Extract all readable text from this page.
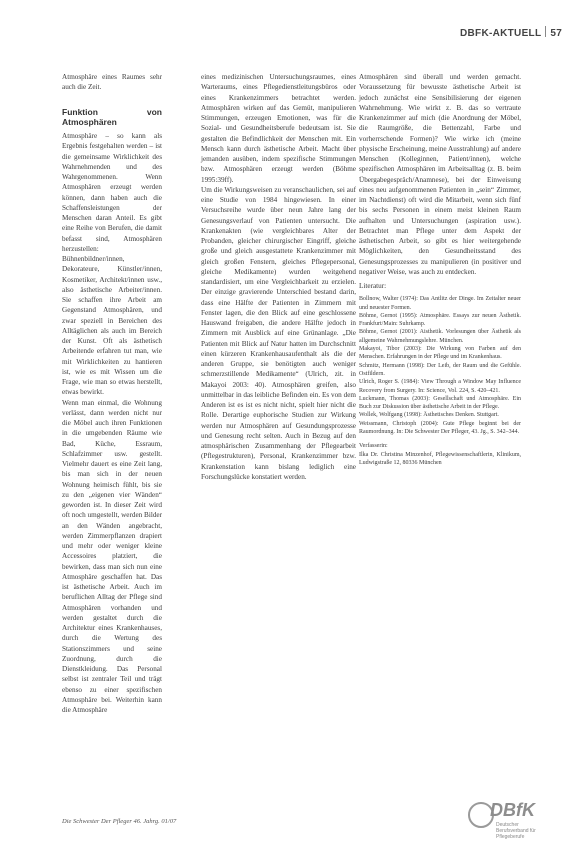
DBFK-AKTUELL 57

Atmosphäre eines Raumes sehr auch die Zeit.

Funktion von Atmosphären

Atmosphäre – so kann als Ergebnis festgehalten werden – ist die gemeinsame Wirklichkeit des Wahrnehmenden und des Wahrgenommenen. Wenn Atmosphären erzeugt werden können, dann haben auch die Schaffensleistungen der Menschen daran Anteil. Es gibt eine Reihe von Berufen, die damit befasst sind, Atmosphären herzustellen: Bühnenbildner/innen, Dekorateure, Künstler/innen, Kosmetiker, Architekt/innen usw., also ästhetische Arbeiter/innen. Sie schaffen ihre Arbeit am Gegenstand Atmosphären, und zwar speziell in Bereichen des Alltäglichen als auch im Bereich der Kunst. Oft als ästhetisch Arbeitende erfahren tut man, wie mit Wirklichkeiten zu hantieren ist, wie es mit Wissen um die Frage, wie man so etwas herstellt, etwas bewirkt.

Wenn man einmal, die Wohnung verlässt, dann werden nicht nur die Möbel auch ihren Funktionen in die umgebenden Räume wie Bad, Küche, Essraum, Schlafzimmer usw. gestellt. Vielmehr dauert es eine Zeit lang, bis man sich in der neuen Wohnung heimisch fühlt, bis sie zu den „eigenen vier Wänden“ geworden ist. In dieser Zeit wird oft noch umgestellt, werden Bilder an den Wänden angebracht, werden Zimmerpflanzen drapiert und mehr oder weniger kleine Accessoires platziert, die bewirken, dass man sich nun eine Atmosphäre geschaffen hat. Das ist ästhetische Arbeit. Auch im beruflichen Alltag der Pflege sind Atmosphären vorhanden und werden gestaltet durch die Architektur eines Krankenhauses, durch die Wertung des Stationszimmers und seine Zuordnung, durch die Dienstkleidung. Das Personal selbst ist zentraler Teil und trägt ebenso zu einer spezifischen Atmosphäre bei. Weiterhin kann die Atmosphäre

eines medizinischen Untersuchungsraumes, eines Warteraums, eines Pflegedienstleitungsbüros oder eines Krankenzimmers betrachtet werden. Atmosphären wirken auf das Gemüt, manipulieren Stimmungen, erzeugen Emotionen, was für die Sozial- und Gesundheitsberufe bedeutsam ist. Sie gestalten die Befindlichkeit der Menschen mit. Ein Mensch kann durch ästhetische Arbeit. Macht über jemanden ausüben, indem spezifische Stimmungen bzw. Atmosphären erzeugt werden (Böhme 1995:39ff).

Um die Wirkungsweisen zu veranschaulichen, sei auf eine Studie von 1984 hingewiesen. In einer Versuchsreihe wurde über neun Jahre lang der Genesungsverlauf von Patienten untersucht. Die Krankenakten (wie vergleichbares Alter der Probanden, gleicher chirurgischer Eingriff, gleiche große und gleich ausgestattete Krankenzimmer mit gleich großen Fenstern, gleiches Pflegepersonal, gleiche Medikamente) wurden weitgehend standardisiert, um eine Vergleichbarkeit zu erzielen. Der einzige gravierende Unterschied bestand darin, dass eine Hälfte der Patienten in Zimmern mit Fenster lagen, die den Blick auf eine geschlossene Hauswand freigaben, die andere Hälfte jedoch in Zimmern mit Ausblick auf eine Grünanlage. „Die Patienten mit Blick auf Natur hatten im Durchschnitt einen kürzeren Krankenhausaufenthalt als die der anderen Gruppe, sie benötigten auch weniger schmerzstillende Medikamente“ (Ulrich, zit. in Makayoi 2003: 40). Atmosphären greifen, also unmittelbar in das leibliche Befinden ein. Es von dem Anderen ist es ist es nicht nicht, spielt hier nicht die Rolle. Derartige euphorische Studien zur Wirkung werden nur Atmosphären auf Gesundungsprozesse und Genesung recht selten. Auch in Bezug auf den atmosphärischen Zusammenhang der Pflegearbeit (Pflegestrukturen), Personal, Krankenzimmer bzw. Krankenstation kann bislang lediglich eine Forschungslücke konstatiert werden.

Atmosphären sind überall und werden gemacht. Voraussetzung für bewusste ästhetische Arbeit ist jedoch zunächst eine Sensibilisierung der eigenen Wahrnehmung. Wie wirkt z. B. das so vertraute Krankenzimmer auf mich (die Anordnung der Möbel, die Raumgröße, die Bettenzahl, Farbe und vorherrschende Formen)? Wie wirke ich (meine physische Erscheinung, meine Ausstrahlung) auf andere Menschen (Kolleginnen, Patient/innen), welche spezifischen Atmosphären im Arbeitsalltag (z. B. beim Übergabegespräch/Anamnese), bei der Einweisung eines neu aufgenommenen Patienten in „sein“ Zimmer, im Nachtdienst) oft wird die Mitarbeit, wenn sich fünf bis sechs Personen in einem meist kleinen Raum aufhalten und Untersuchungen (aspiration usw.). Betrachtet man Pflege unter dem Aspekt der ästhetischen Arbeit, so gibt es hier weitergehende Möglichkeiten, den Gesundheitsstand des Genesungsprozesses zu manipulieren (in positiver und negativer Weise, was auch zu entdecken.

Literatur:

Bollnow, Walter (1974): Das Antlitz der Dinge. Im Zeitalter neuer und neuester Formen.
Böhme, Gernot (1995): Atmosphäre. Essays zur neuen Ästhetik. Frankfurt/Main: Suhrkamp.
Böhme, Gernot (2001): Aisthetik. Vorlesungen über Ästhetik als allgemeine Wahrnehmungslehre. München.
Makayoi, Tibor (2003): Die Wirkung von Farben auf den Menschen. Erfahrungen in der Pflege und im Krankenhaus.
Schmitz, Hermann (1998): Der Leib, der Raum und die Gefühle. Ostfildern.
Ulrich, Roger S. (1984): View Through a Window May Influence Recovery from Surgery. In: Science, Vol. 224, S. 420–421.
Luckmann, Thomas (2003): Gesellschaft und Atmosphäre. Ein Buch zur Diskussion über ästhetische Arbeit in der Pflege.
Wollek, Wolfgang (1998): Ästhetisches Denken. Stuttgart.
Weissmann, Christoph (2004): Gute Pflege beginnt bei der Raumordnung. In: Die Schwester Der Pfleger, 43. Jg., S. 342–344.
Verfasserin:
Ilka Dr. Christina Minzenhof, Pflegewissenschaftlerin, Klinikum, Ludwigstraße 12, 80336 München
Die Schwester Der Pfleger 46. Jahrg. 01/07
DBfK
Deutscher Berufsverband für Pflegeberufe
